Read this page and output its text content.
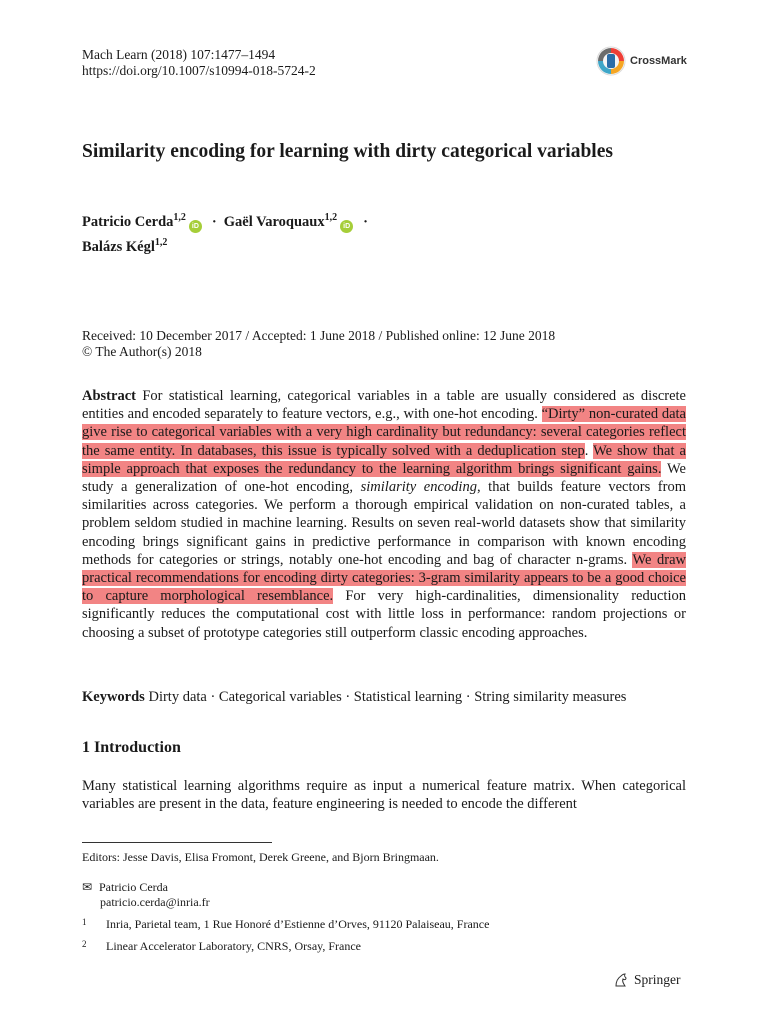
Mach Learn (2018) 107:1477–1494
https://doi.org/10.1007/s10994-018-5724-2
CrossMark
Similarity encoding for learning with dirty categorical variables
Patricio Cerda$^{1,2}$iD · Gaël Varoquaux$^{1,2}$iD ·
Balázs Kégl$^{1,2}$
Received: 10 December 2017 / Accepted: 1 June 2018 / Published online: 12 June 2018
© The Author(s) 2018
Abstract For statistical learning, categorical variables in a table are usually considered as discrete entities and encoded separately to feature vectors, e.g., with one-hot encoding. “Dirty” non-curated data give rise to categorical variables with a very high cardinality but redundancy: several categories reflect the same entity. In databases, this issue is typically solved with a deduplication step. We show that a simple approach that exposes the redundancy to the learning algorithm brings significant gains. We study a generalization of one-hot encoding, similarity encoding, that builds feature vectors from similarities across categories. We perform a thorough empirical validation on non-curated tables, a problem seldom studied in machine learning. Results on seven real-world datasets show that similarity encoding brings significant gains in predictive performance in comparison with known encoding methods for categories or strings, notably one-hot encoding and bag of character n-grams. We draw practical recommendations for encoding dirty categories: 3-gram similarity appears to be a good choice to capture morphological resemblance. For very high-cardinalities, dimensionality reduction significantly reduces the computational cost with little loss in performance: random projections or choosing a subset of prototype categories still outperform classic encoding approaches.
Keywords Dirty data · Categorical variables · Statistical learning · String similarity measures
1 Introduction
Many statistical learning algorithms require as input a numerical feature matrix. When categorical variables are present in the data, feature engineering is needed to encode the different
Editors: Jesse Davis, Elisa Fromont, Derek Greene, and Bjorn Bringmaan.
✉ Patricio Cerda
patricio.cerda@inria.fr
1 Inria, Parietal team, 1 Rue Honoré d’Estienne d’Orves, 91120 Palaiseau, France
2 Linear Accelerator Laboratory, CNRS, Orsay, France
Springer
